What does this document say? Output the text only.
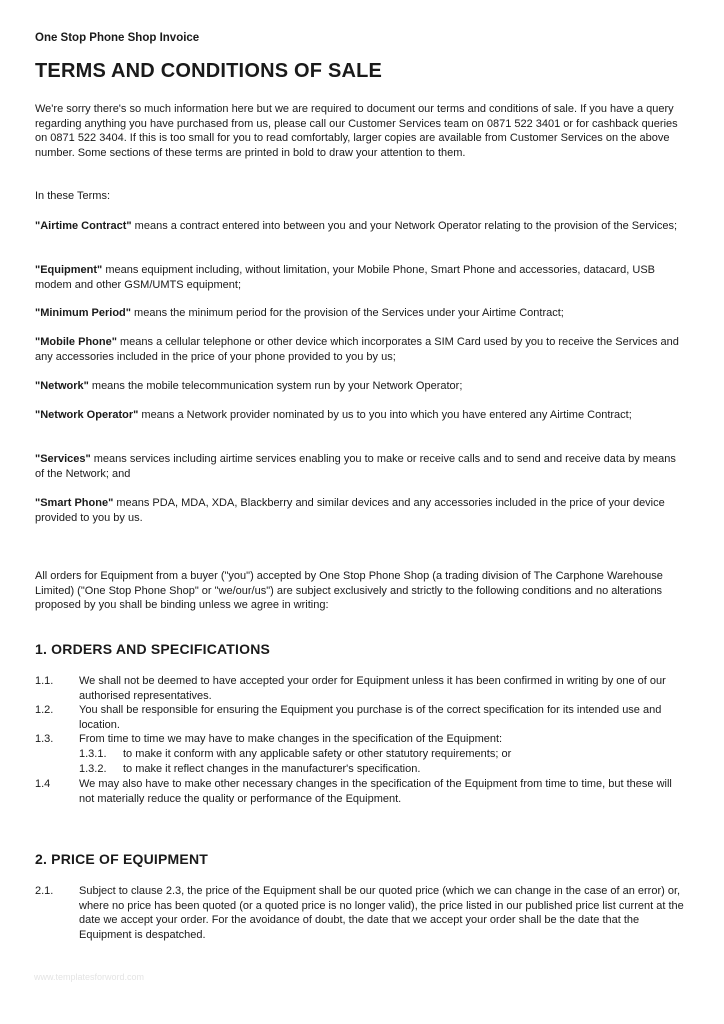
One Stop Phone Shop Invoice

TERMS AND CONDITIONS OF SALE

We're sorry there's so much information here but we are required to document our terms and conditions of sale. If you have a query regarding anything you have purchased from us, please call our Customer Services team on 0871 522 3401 or for cashback queries on 0871 522 3404. If this is too small for you to read comfortably, larger copies are available from Customer Services on the above number. Some sections of these terms are printed in bold to draw your attention to them.

In these Terms:

"Airtime Contract" means a contract entered into between you and your Network Operator relating to the provision of the Services;

"Equipment" means equipment including, without limitation, your Mobile Phone, Smart Phone and accessories, datacard, USB modem and other GSM/UMTS equipment;

"Minimum Period" means the minimum period for the provision of the Services under your Airtime Contract;

"Mobile Phone" means a cellular telephone or other device which incorporates a SIM Card used by you to receive the Services and any accessories included in the price of your phone provided to you by us;

"Network" means the mobile telecommunication system run by your Network Operator;

"Network Operator" means a Network provider nominated by us to you into which you have entered any Airtime Contract;

"Services" means services including airtime services enabling you to make or receive calls and to send and receive data by means of the Network; and

"Smart Phone" means PDA, MDA, XDA, Blackberry and similar devices and any accessories included in the price of your device provided to you by us.

All orders for Equipment from a buyer ("you") accepted by One Stop Phone Shop (a trading division of The Carphone Warehouse Limited) ("One Stop Phone Shop" or "we/our/us") are subject exclusively and strictly to the following conditions and no alterations proposed by you shall be binding unless we agree in writing:

1. ORDERS AND SPECIFICATIONS
1.1.	We shall not be deemed to have accepted your order for Equipment unless it has been confirmed in writing by one of our authorised representatives.
1.2.	You shall be responsible for ensuring the Equipment you purchase is of the correct specification for its intended use and location.
1.3.	From time to time we may have to make changes in the specification of the Equipment:
1.3.1.	to make it conform with any applicable safety or other statutory requirements; or
1.3.2.	to make it reflect changes in the manufacturer's specification.
1.4	We may also have to make other necessary changes in the specification of the Equipment from time to time, but these will not materially reduce the quality or performance of the Equipment.
2. PRICE OF EQUIPMENT
2.1.	Subject to clause 2.3, the price of the Equipment shall be our quoted price (which we can change in the case of an error) or, where no price has been quoted (or a quoted price is no longer valid), the price listed in our published price list current at the date we accept your order. For the avoidance of doubt, the date that we accept your order shall be the date that the Equipment is despatched.
www.templatesforword.com
